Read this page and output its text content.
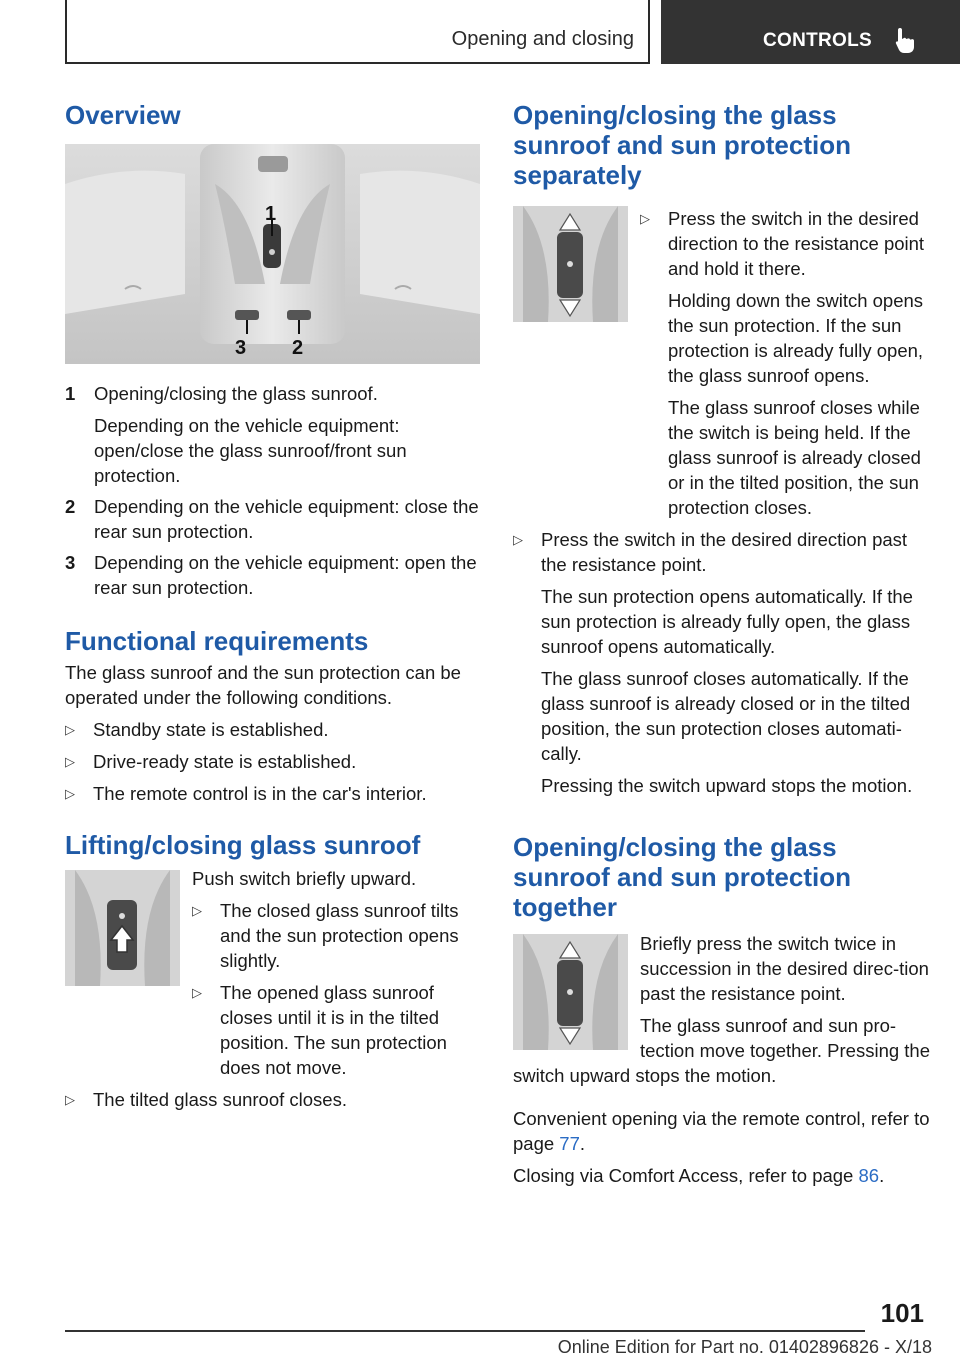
Opening and closing	CONTROLS
Overview
1
2
3
1	Opening/closing the glass sunroof.

Depending on the vehicle equipment: open/close the glass sunroof/front sun protection.

2	Depending on the vehicle equipment: close the rear sun protection.

3	Depending on the vehicle equipment: open the rear sun protection.

Functional requirements

The glass sunroof and the sun protection can be operated under the following conditions.

▷ Standby state is established.

▷ Drive-ready state is established.

▷ The remote control is in the car's interior.

Lifting/closing glass sunroof

Push switch briefly upward.

▷ The closed glass sunroof tilts and the sun protection opens slightly.

▷ The opened glass sunroof closes until it is in the tilted position. The sun protection does not move.

▷ The tilted glass sunroof closes.

Opening/closing the glass sunroof and sun protection separately
▷ Press the switch in the desired direction to the resistance point and hold it there.

Holding down the switch opens the sun protection. If the sun protection is already fully open, the glass sunroof opens.

The glass sunroof closes while the switch is being held. If the glass sunroof is already closed or in the tilted position, the sun protection closes.

▷ Press the switch in the desired direction past the resistance point.

The sun protection opens automatically. If the sun protection is already fully open, the glass sunroof opens automatically.

The glass sunroof closes automatically. If the glass sunroof is already closed or in the tilted position, the sun protection closes automati‐cally.

Pressing the switch upward stops the motion.

Opening/closing the glass sunroof and sun protection together

Briefly press the switch twice in succession in the desired direc‐tion past the resistance point.

The glass sunroof and sun pro‐tection move together. Pressing the switch upward stops the motion.

Convenient opening via the remote control, refer to page 77.

Closing via Comfort Access, refer to page 86.

101
Online Edition for Part no. 01402896826 - X/18
